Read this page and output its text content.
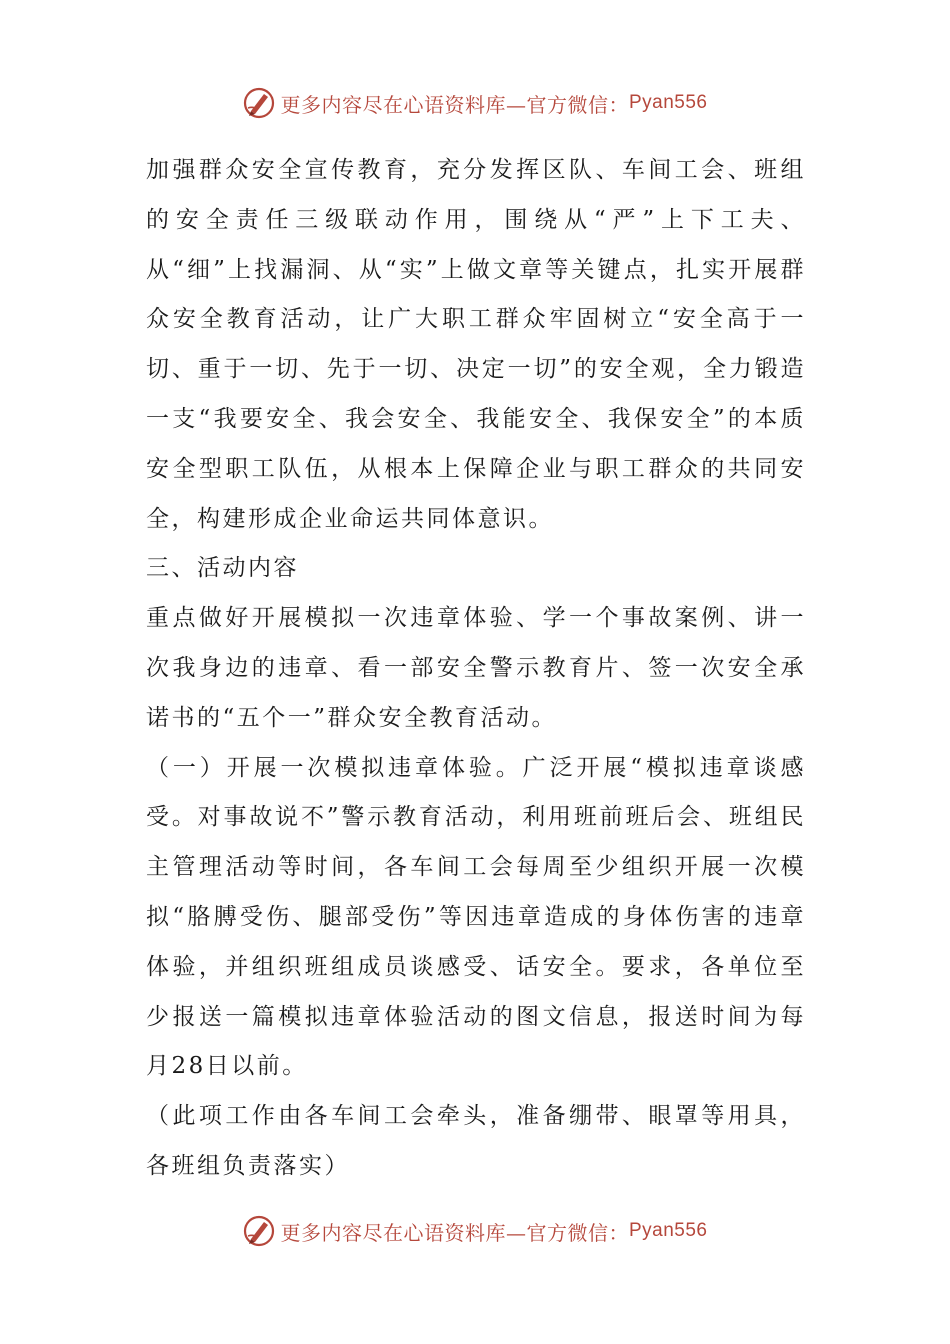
更多内容尽在心语资料库—官方微信： Pyan556

加强群众安全宣传教育，充分发挥区队、车间工会、班组的安全责任三级联动作用，围绕从“严”上下工夫、从“细”上找漏洞、从“实”上做文章等关键点，扎实开展群众安全教育活动，让广大职工群众牢固树立“安全高于一切、重于一切、先于一切、决定一切”的安全观，全力锻造一支“我要安全、我会安全、我能安全、我保安全”的本质安全型职工队伍，从根本上保障企业与职工群众的共同安全，构建形成企业命运共同体意识。

三、活动内容

重点做好开展模拟一次违章体验、学一个事故案例、讲一次我身边的违章、看一部安全警示教育片、签一次安全承诺书的“五个一”群众安全教育活动。

（一）开展一次模拟违章体验。广泛开展“模拟违章谈感受。对事故说不”警示教育活动，利用班前班后会、班组民主管理活动等时间，各车间工会每周至少组织开展一次模拟“胳膊受伤、腿部受伤”等因违章造成的身体伤害的违章体验，并组织班组成员谈感受、话安全。要求，各单位至少报送一篇模拟违章体验活动的图文信息，报送时间为每月28日以前。

（此项工作由各车间工会牵头，准备绷带、眼罩等用具，各班组负责落实）

更多内容尽在心语资料库—官方微信： Pyan556
